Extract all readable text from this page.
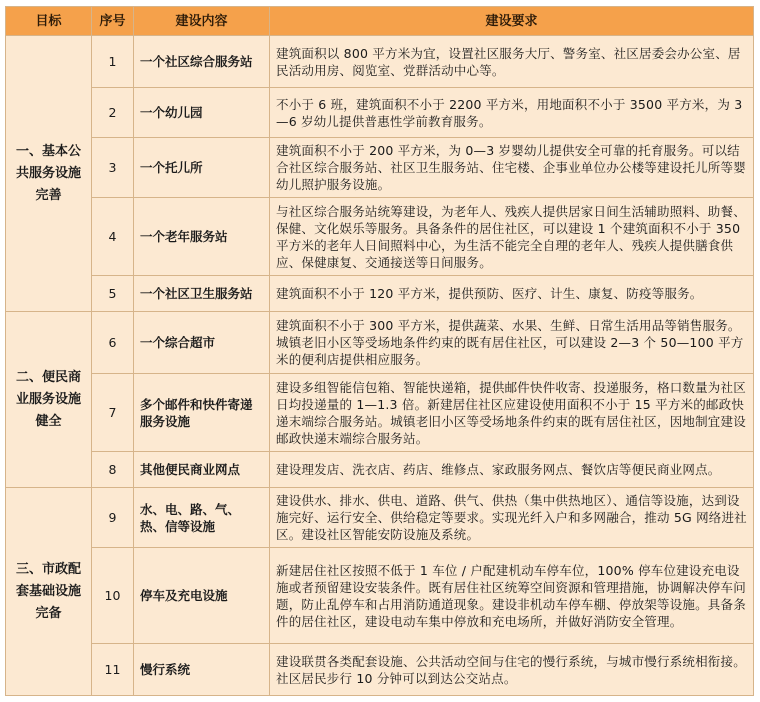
目标	序号	建设内容	建设要求
一、基本公共服务设施完善	1	一个社区综合服务站	建筑面积以 800 平方米为宜，设置社区服务大厅、警务室、社区居委会办公室、居民活动用房、阅览室、党群活动中心等。
	2	一个幼儿园	不小于 6 班，建筑面积不小于 2200 平方米，用地面积不小于 3500 平方米，为 3—6 岁幼儿提供普惠性学前教育服务。
	3	一个托儿所	建筑面积不小于 200 平方米，为 0—3 岁婴幼儿提供安全可靠的托育服务。可以结合社区综合服务站、社区卫生服务站、住宅楼、企事业单位办公楼等建设托儿所等婴幼儿照护服务设施。
	4	一个老年服务站	与社区综合服务站统筹建设，为老年人、残疾人提供居家日间生活辅助照料、助餐、保健、文化娱乐等服务。具备条件的居住社区，可以建设 1 个建筑面积不小于 350 平方米的老年人日间照料中心，为生活不能完全自理的老年人、残疾人提供膳食供应、保健康复、交通接送等日间服务。
	5	一个社区卫生服务站	建筑面积不小于 120 平方米，提供预防、医疗、计生、康复、防疫等服务。
二、便民商业服务设施健全	6	一个综合超市	建筑面积不小于 300 平方米，提供蔬菜、水果、生鲜、日常生活用品等销售服务。城镇老旧小区等受场地条件约束的既有居住社区，可以建设 2—3 个 50—100 平方米的便利店提供相应服务。
	7	多个邮件和快件寄递服务设施	建设多组智能信包箱、智能快递箱，提供邮件快件收寄、投递服务，格口数量为社区日均投递量的 1—1.3 倍。新建居住社区应建设使用面积不小于 15 平方米的邮政快递末端综合服务站。城镇老旧小区等受场地条件约束的既有居住社区，因地制宜建设邮政快递末端综合服务站。
	8	其他便民商业网点	建设理发店、洗衣店、药店、维修点、家政服务网点、餐饮店等便民商业网点。
三、市政配套基础设施完备	9	水、电、路、气、热、信等设施	建设供水、排水、供电、道路、供气、供热（集中供热地区）、通信等设施，达到设施完好、运行安全、供给稳定等要求。实现光纤入户和多网融合，推动 5G 网络进社区。建设社区智能安防设施及系统。
	10	停车及充电设施	新建居住社区按照不低于 1 车位 / 户配建机动车停车位，100% 停车位建设充电设施或者预留建设安装条件。既有居住社区统筹空间资源和管理措施，协调解决停车问题，防止乱停车和占用消防通道现象。建设非机动车停车棚、停放架等设施。具备条件的居住社区，建设电动车集中停放和充电场所，并做好消防安全管理。
	11	慢行系统	建设联贯各类配套设施、公共活动空间与住宅的慢行系统，与城市慢行系统相衔接。社区居民步行 10 分钟可以到达公交站点。
